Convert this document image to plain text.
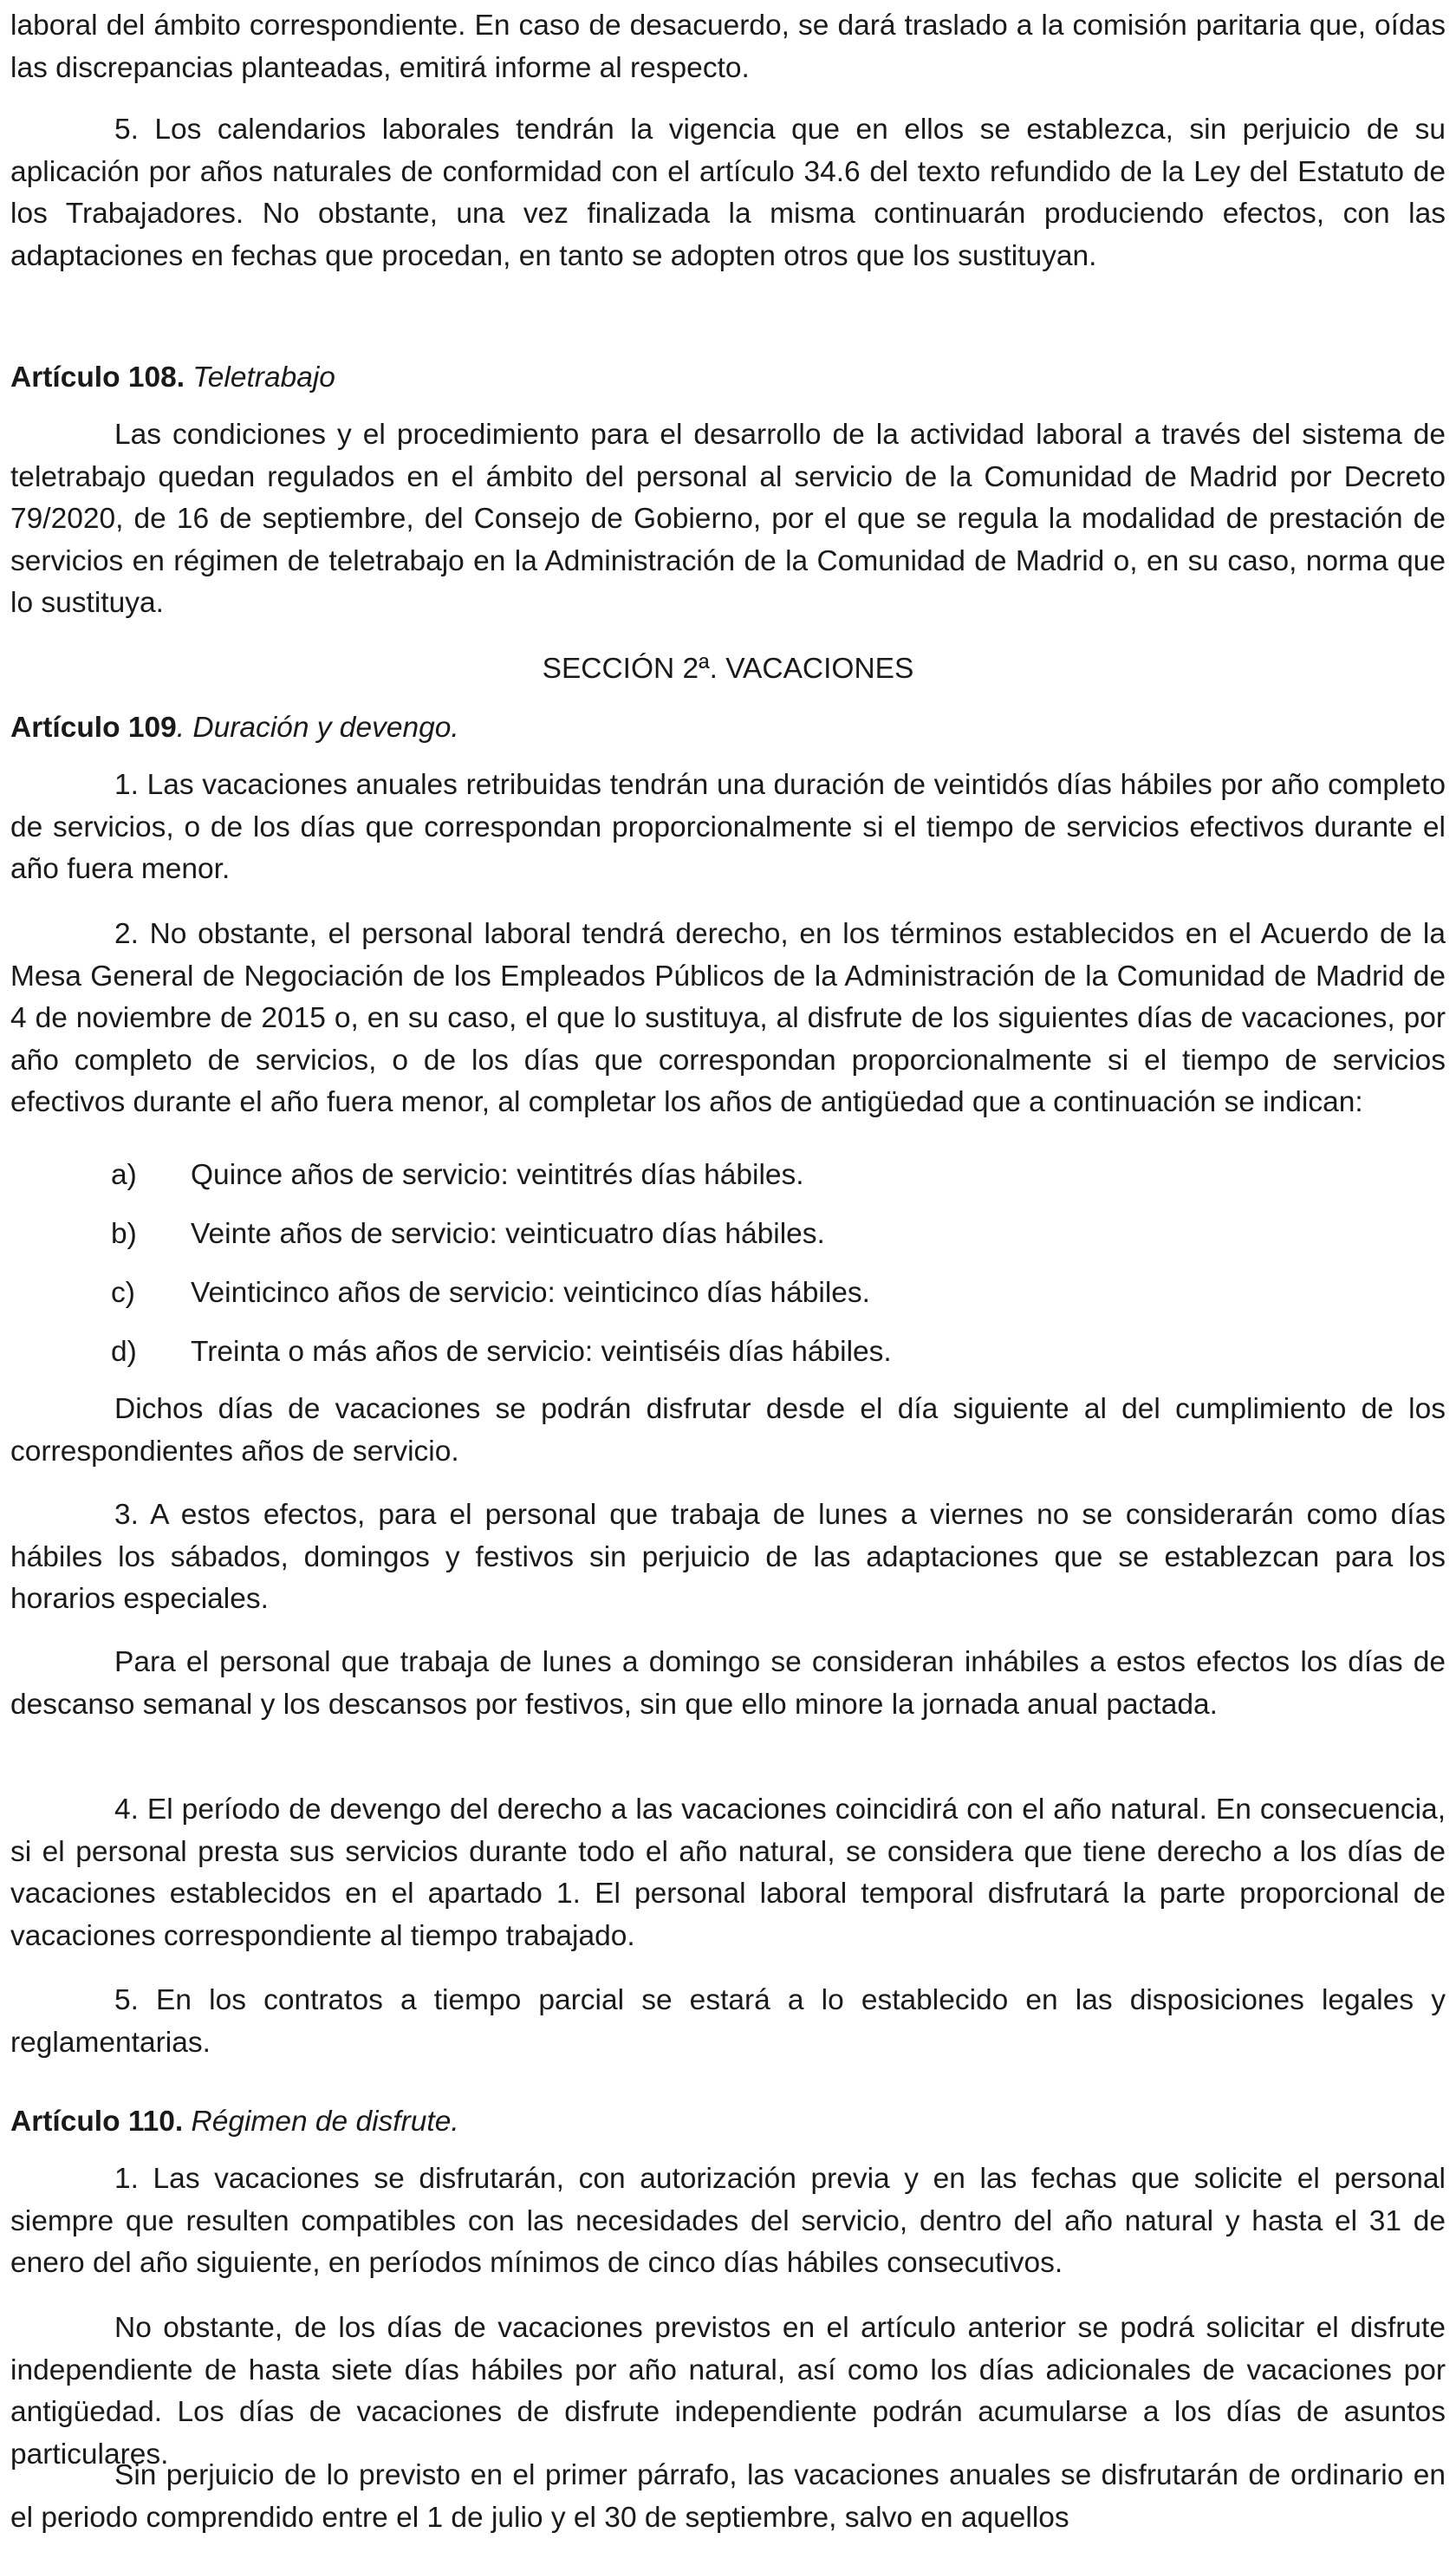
laboral del ámbito correspondiente. En caso de desacuerdo, se dará traslado a la comisión paritaria que, oídas las discrepancias planteadas, emitirá informe al respecto.

5. Los calendarios laborales tendrán la vigencia que en ellos se establezca, sin perjuicio de su aplicación por años naturales de conformidad con el artículo 34.6 del texto refundido de la Ley del Estatuto de los Trabajadores. No obstante, una vez finalizada la misma continuarán produciendo efectos, con las adaptaciones en fechas que procedan, en tanto se adopten otros que los sustituyan.

Artículo 108. Teletrabajo

Las condiciones y el procedimiento para el desarrollo de la actividad laboral a través del sistema de teletrabajo quedan regulados en el ámbito del personal al servicio de la Comunidad de Madrid por Decreto 79/2020, de 16 de septiembre, del Consejo de Gobierno, por el que se regula la modalidad de prestación de servicios en régimen de teletrabajo en la Administración de la Comunidad de Madrid o, en su caso, norma que lo sustituya.

SECCIÓN 2ª. VACACIONES
Artículo 109. Duración y devengo.

1. Las vacaciones anuales retribuidas tendrán una duración de veintidós días hábiles por año completo de servicios, o de los días que correspondan proporcionalmente si el tiempo de servicios efectivos durante el año fuera menor.

2. No obstante, el personal laboral tendrá derecho, en los términos establecidos en el Acuerdo de la Mesa General de Negociación de los Empleados Públicos de la Administración de la Comunidad de Madrid de 4 de noviembre de 2015 o, en su caso, el que lo sustituya, al disfrute de los siguientes días de vacaciones, por año completo de servicios, o de los días que correspondan proporcionalmente si el tiempo de servicios efectivos durante el año fuera menor, al completar los años de antigüedad que a continuación se indican:

a) Quince años de servicio: veintitrés días hábiles.
b) Veinte años de servicio: veinticuatro días hábiles.
c) Veinticinco años de servicio: veinticinco días hábiles.
d) Treinta o más años de servicio: veintiséis días hábiles.

Dichos días de vacaciones se podrán disfrutar desde el día siguiente al del cumplimiento de los correspondientes años de servicio.

3. A estos efectos, para el personal que trabaja de lunes a viernes no se considerarán como días hábiles los sábados, domingos y festivos sin perjuicio de las adaptaciones que se establezcan para los horarios especiales.

Para el personal que trabaja de lunes a domingo se consideran inhábiles a estos efectos los días de descanso semanal y los descansos por festivos, sin que ello minore la jornada anual pactada.

4. El período de devengo del derecho a las vacaciones coincidirá con el año natural. En consecuencia, si el personal presta sus servicios durante todo el año natural, se considera que tiene derecho a los días de vacaciones establecidos en el apartado 1. El personal laboral temporal disfrutará la parte proporcional de vacaciones correspondiente al tiempo trabajado.

5. En los contratos a tiempo parcial se estará a lo establecido en las disposiciones legales y reglamentarias.

Artículo 110. Régimen de disfrute.

1. Las vacaciones se disfrutarán, con autorización previa y en las fechas que solicite el personal siempre que resulten compatibles con las necesidades del servicio, dentro del año natural y hasta el 31 de enero del año siguiente, en períodos mínimos de cinco días hábiles consecutivos.

No obstante, de los días de vacaciones previstos en el artículo anterior se podrá solicitar el disfrute independiente de hasta siete días hábiles por año natural, así como los días adicionales de vacaciones por antigüedad. Los días de vacaciones de disfrute independiente podrán acumularse a los días de asuntos particulares.

Sin perjuicio de lo previsto en el primer párrafo, las vacaciones anuales se disfrutarán de ordinario en el periodo comprendido entre el 1 de julio y el 30 de septiembre, salvo en aquellos
